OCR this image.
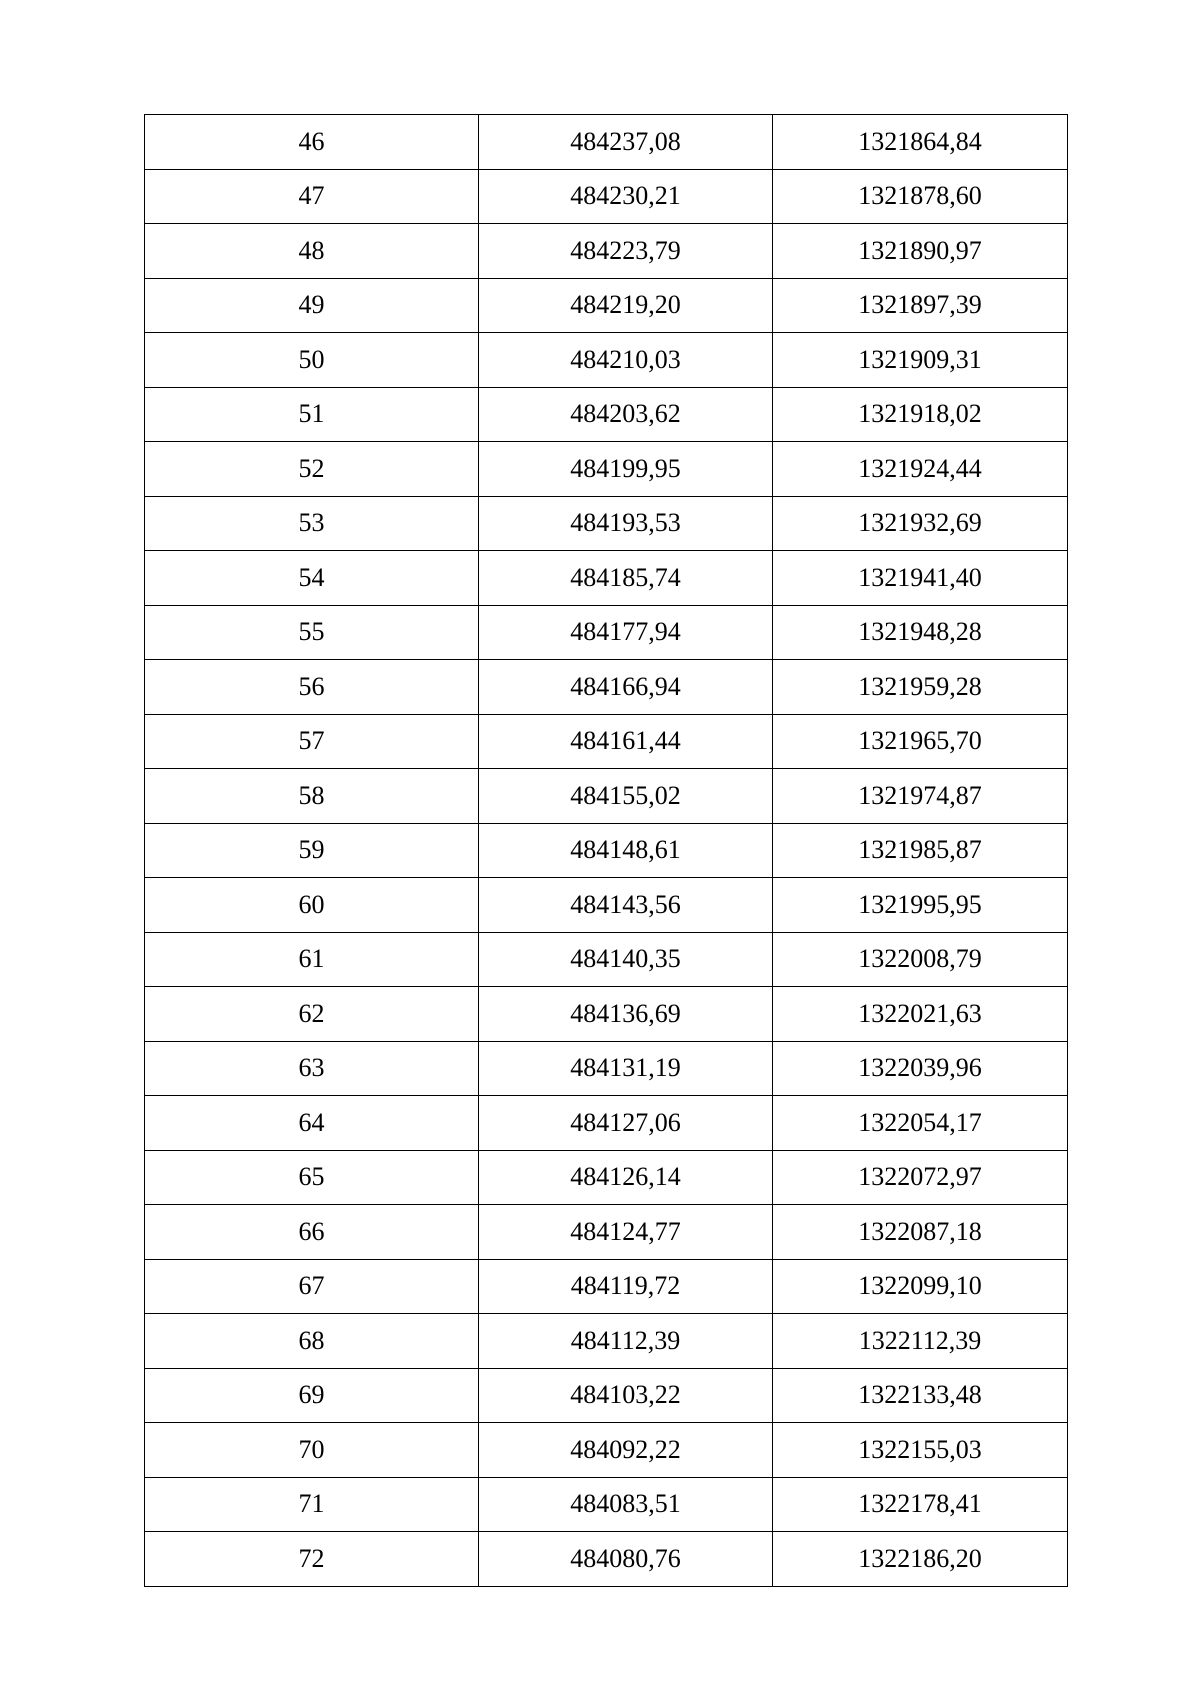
46	484237,08	1321864,84
47	484230,21	1321878,60
48	484223,79	1321890,97
49	484219,20	1321897,39
50	484210,03	1321909,31
51	484203,62	1321918,02
52	484199,95	1321924,44
53	484193,53	1321932,69
54	484185,74	1321941,40
55	484177,94	1321948,28
56	484166,94	1321959,28
57	484161,44	1321965,70
58	484155,02	1321974,87
59	484148,61	1321985,87
60	484143,56	1321995,95
61	484140,35	1322008,79
62	484136,69	1322021,63
63	484131,19	1322039,96
64	484127,06	1322054,17
65	484126,14	1322072,97
66	484124,77	1322087,18
67	484119,72	1322099,10
68	484112,39	1322112,39
69	484103,22	1322133,48
70	484092,22	1322155,03
71	484083,51	1322178,41
72	484080,76	1322186,20
